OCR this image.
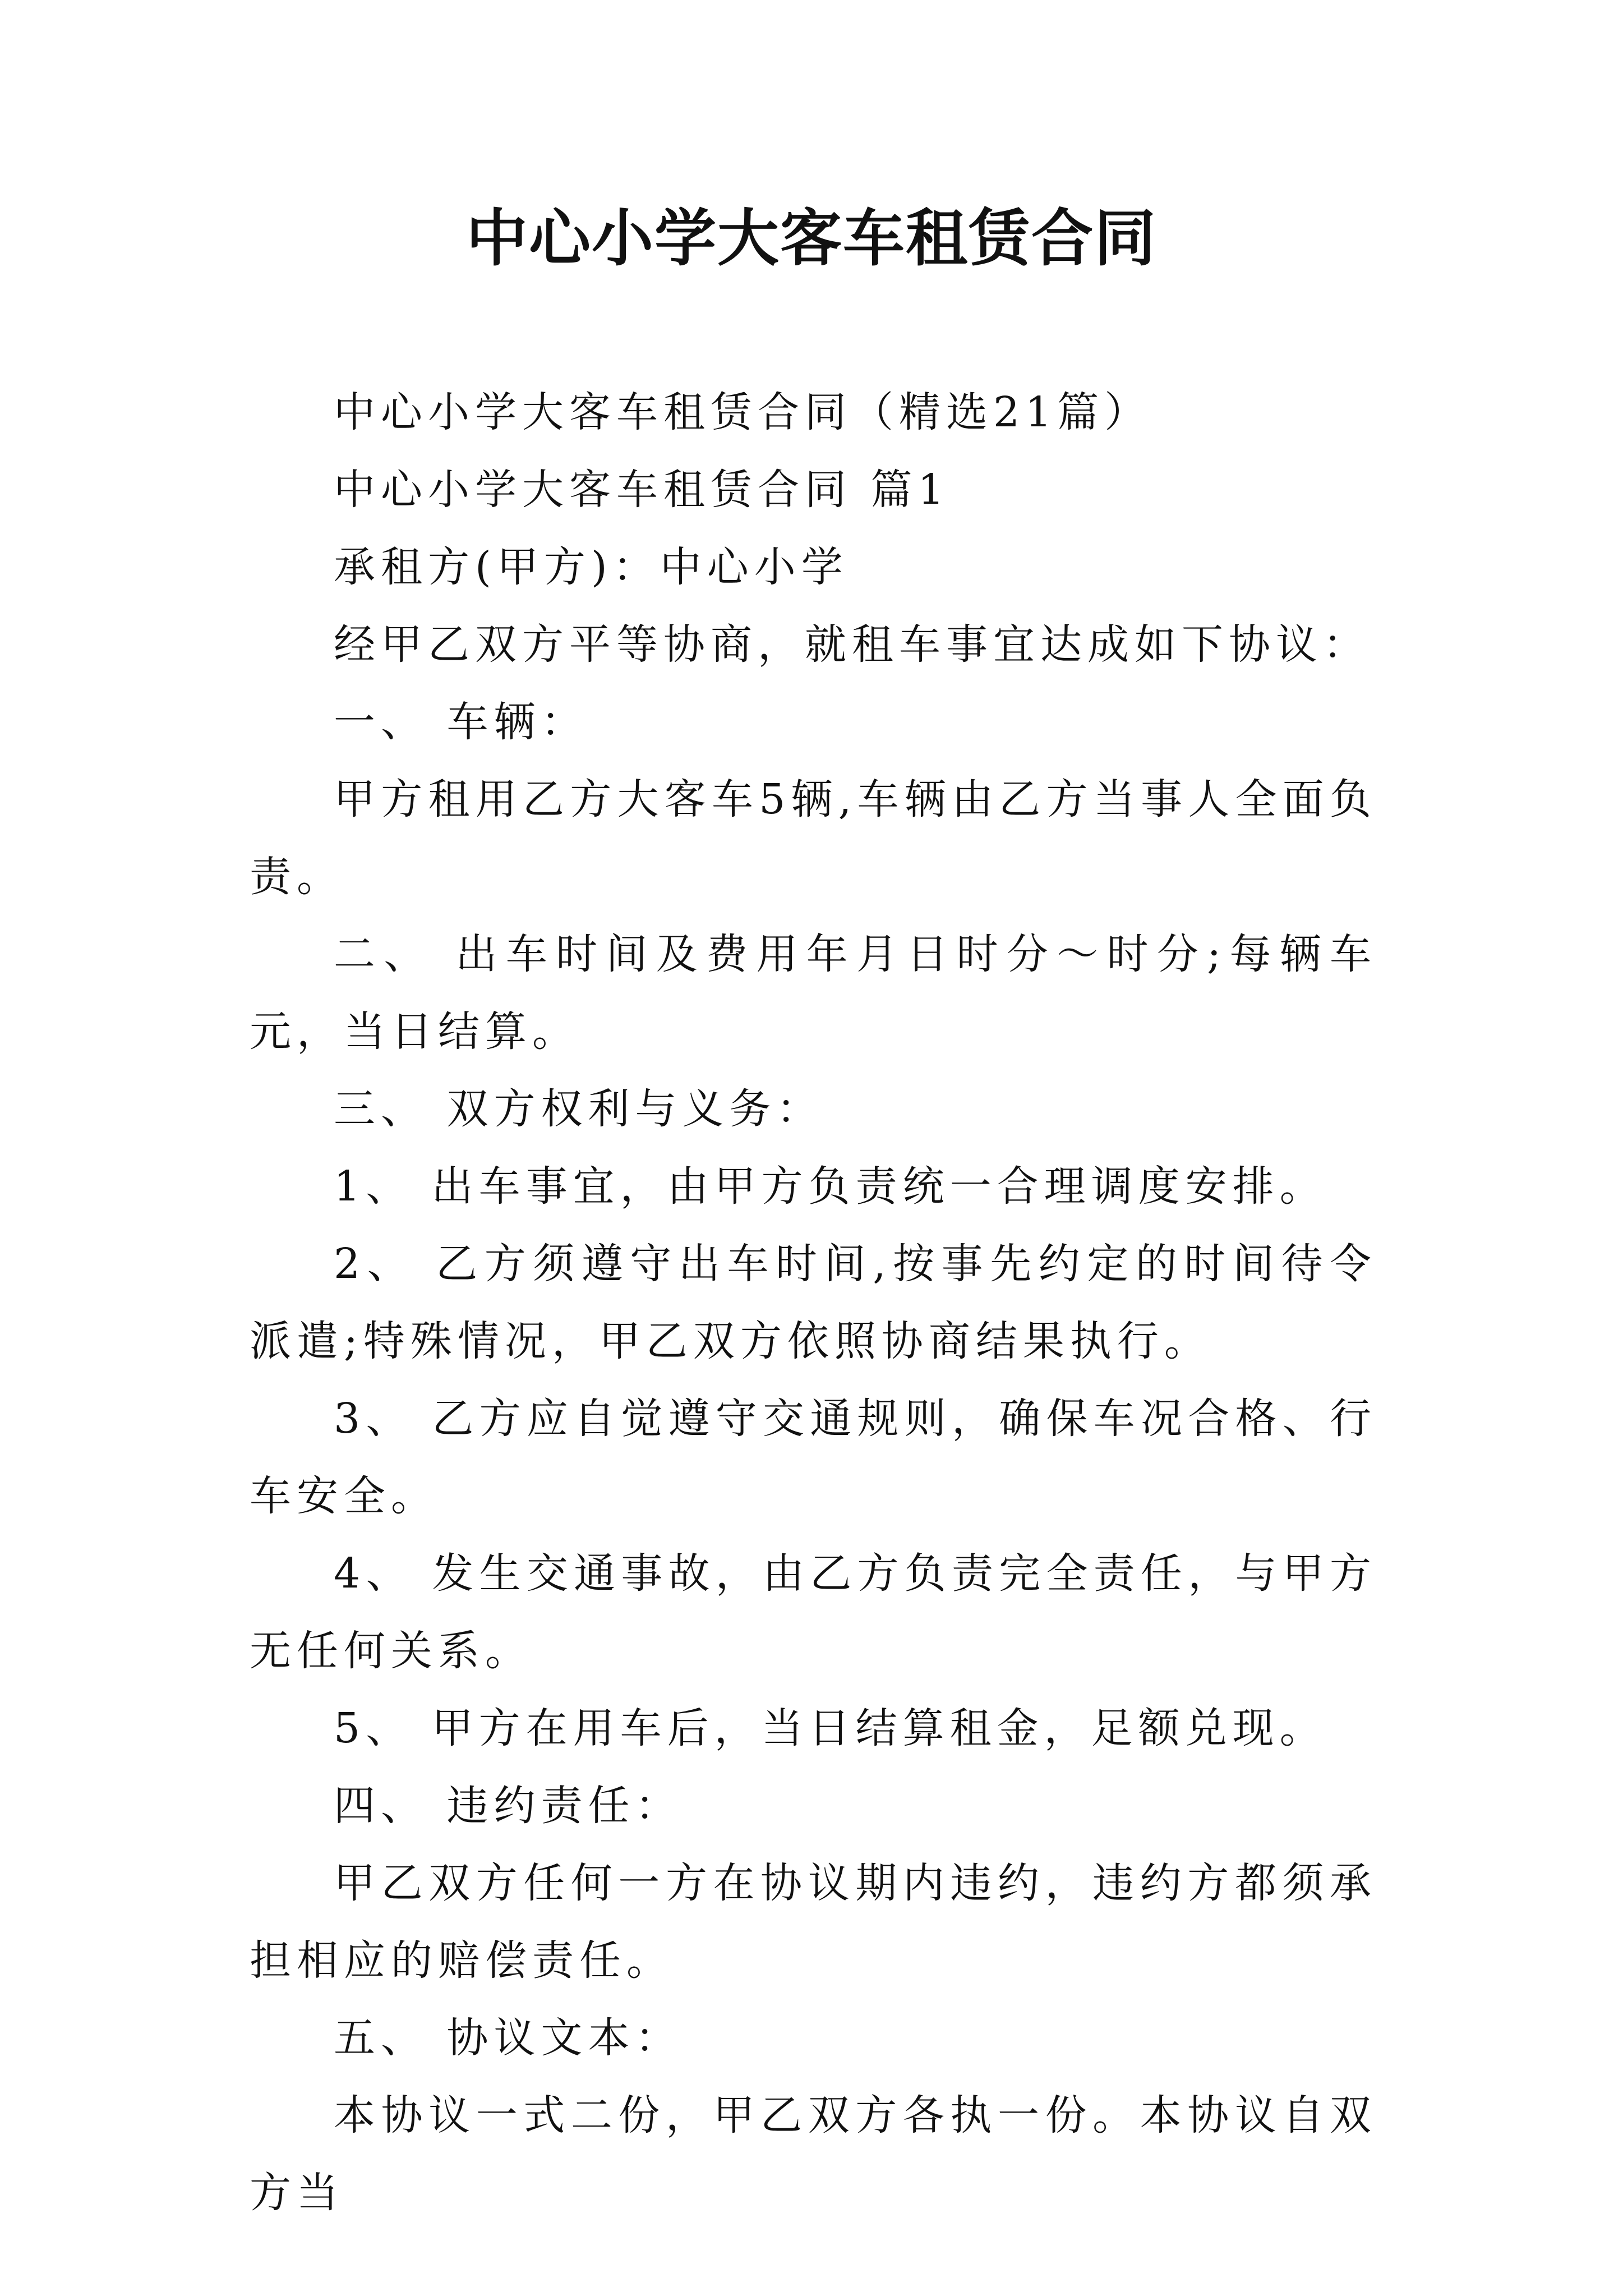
中心小学大客车租赁合同

中心小学大客车租赁合同（精选21篇）

中心小学大客车租赁合同 篇1

承租方(甲方)：中心小学

经甲乙双方平等协商，就租车事宜达成如下协议：

一、 车辆：

甲方租用乙方大客车5辆,车辆由乙方当事人全面负责。

二、 出车时间及费用年月日时分～时分;每辆车元，当日结算。

三、 双方权利与义务：

1、 出车事宜，由甲方负责统一合理调度安排。

2、 乙方须遵守出车时间,按事先约定的时间待令派遣;特殊情况，甲乙双方依照协商结果执行。

3、 乙方应自觉遵守交通规则，确保车况合格、行车安全。

4、 发生交通事故，由乙方负责完全责任，与甲方无任何关系。

5、 甲方在用车后，当日结算租金，足额兑现。

四、 违约责任：

甲乙双方任何一方在协议期内违约，违约方都须承担相应的赔偿责任。

五、 协议文本：

本协议一式二份，甲乙双方各执一份。本协议自双方当
